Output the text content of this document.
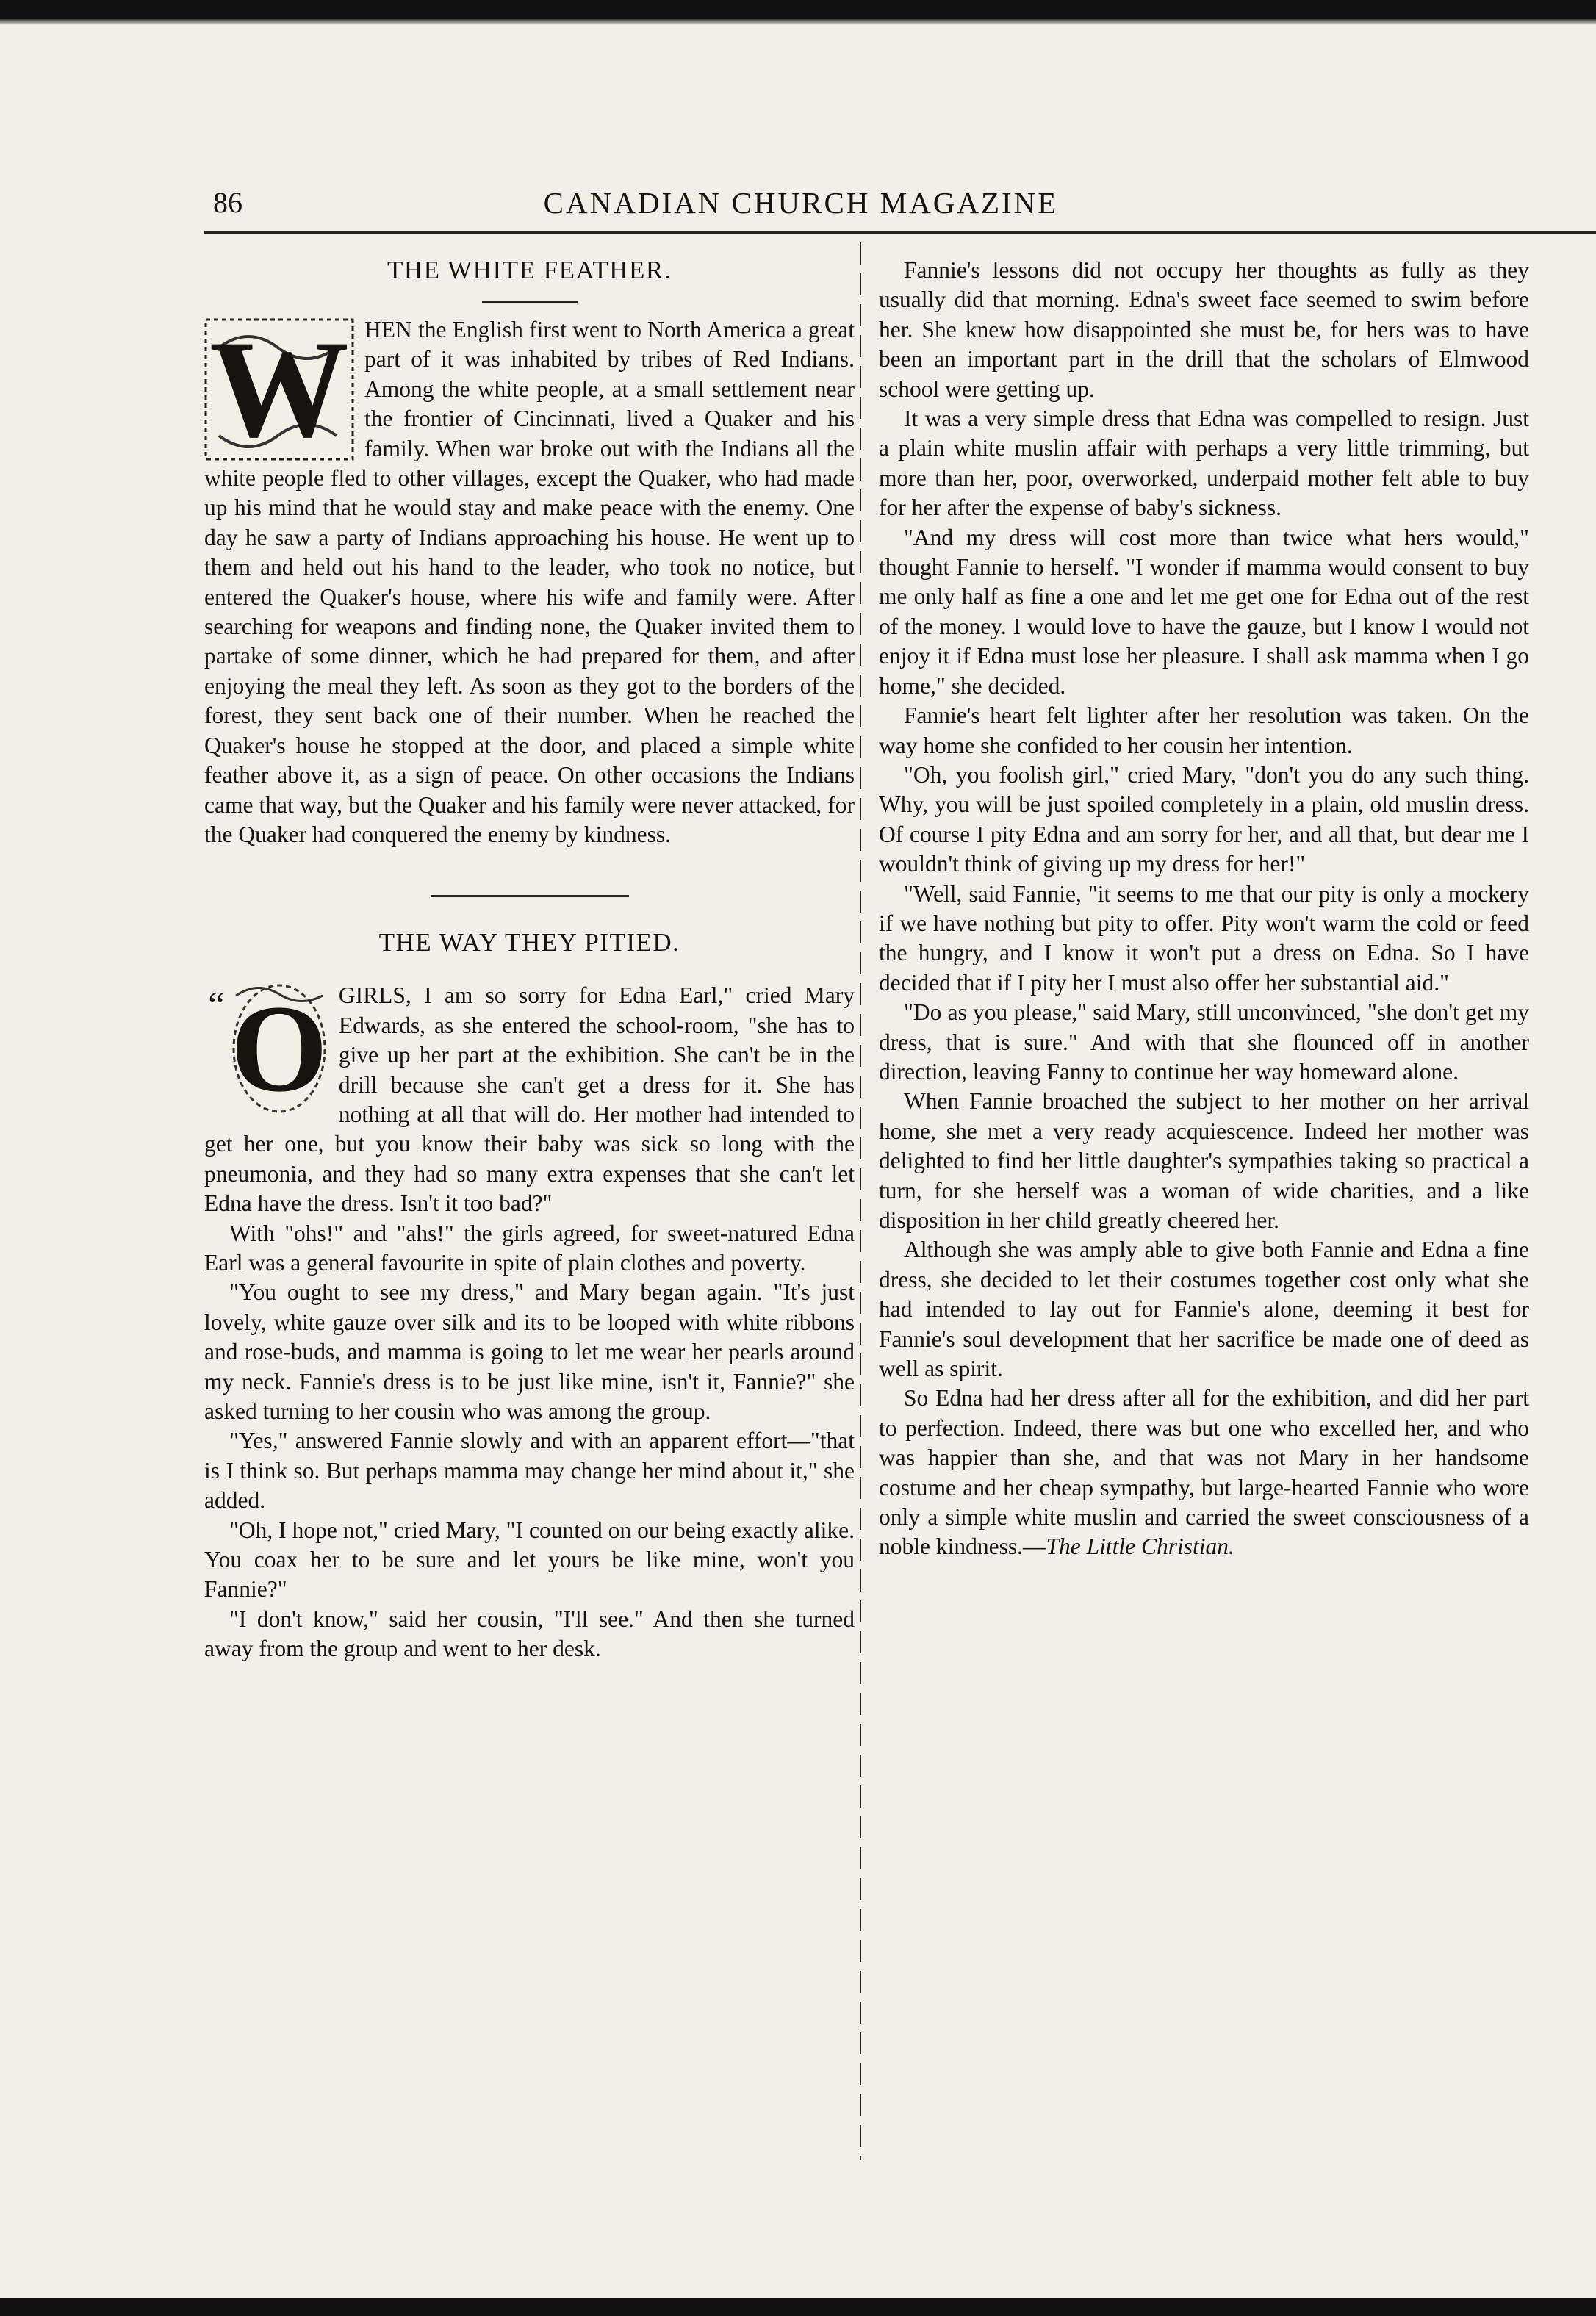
86	CANADIAN CHURCH MAGAZINE
THE WHITE FEATHER.
W HEN the English first went to North America a great part of it was inhabited by tribes of Red Indians. Among the white people, at a small settlement near the frontier of Cincinnati, lived a Quaker and his family. When war broke out with the Indians all the white people fled to other villages, except the Quaker, who had made up his mind that he would stay and make peace with the enemy. One day he saw a party of Indians approaching his house. He went up to them and held out his hand to the leader, who took no notice, but entered the Quaker's house, where his wife and family were. After searching for weapons and finding none, the Quaker invited them to partake of some dinner, which he had prepared for them, and after enjoying the meal they left. As soon as they got to the borders of the forest, they sent back one of their number. When he reached the Quaker's house he stopped at the door, and placed a simple white feather above it, as a sign of peace. On other occasions the Indians came that way, but the Quaker and his family were never attacked, for the Quaker had conquered the enemy by kindness.

THE WAY THEY PITIED.
“ O GIRLS, I am so sorry for Edna Earl," cried Mary Edwards, as she entered the school-room, "she has to give up her part at the exhibition. She can't be in the drill because she can't get a dress for it. She has nothing at all that will do. Her mother had intended to get her one, but you know their baby was sick so long with the pneumonia, and they had so many extra expenses that she can't let Edna have the dress. Isn't it too bad?"

With "ohs!" and "ahs!" the girls agreed, for sweet-natured Edna Earl was a general favourite in spite of plain clothes and poverty.

"You ought to see my dress," and Mary began again. "It's just lovely, white gauze over silk and its to be looped with white ribbons and rose-buds, and mamma is going to let me wear her pearls around my neck. Fannie's dress is to be just like mine, isn't it, Fannie?" she asked turning to her cousin who was among the group.

"Yes," answered Fannie slowly and with an apparent effort—"that is I think so. But perhaps mamma may change her mind about it," she added.

"Oh, I hope not," cried Mary, "I counted on our being exactly alike. You coax her to be sure and let yours be like mine, won't you Fannie?"

"I don't know," said her cousin, "I'll see." And then she turned away from the group and went to her desk.

Fannie's lessons did not occupy her thoughts as fully as they usually did that morning. Edna's sweet face seemed to swim before her. She knew how disappointed she must be, for hers was to have been an important part in the drill that the scholars of Elmwood school were getting up.

It was a very simple dress that Edna was compelled to resign. Just a plain white muslin affair with perhaps a very little trimming, but more than her, poor, overworked, underpaid mother felt able to buy for her after the expense of baby's sickness.

"And my dress will cost more than twice what hers would," thought Fannie to herself. "I wonder if mamma would consent to buy me only half as fine a one and let me get one for Edna out of the rest of the money. I would love to have the gauze, but I know I would not enjoy it if Edna must lose her pleasure. I shall ask mamma when I go home," she decided.

Fannie's heart felt lighter after her resolution was taken. On the way home she confided to her cousin her intention.

"Oh, you foolish girl," cried Mary, "don't you do any such thing. Why, you will be just spoiled completely in a plain, old muslin dress. Of course I pity Edna and am sorry for her, and all that, but dear me I wouldn't think of giving up my dress for her!"

"Well, said Fannie, "it seems to me that our pity is only a mockery if we have nothing but pity to offer. Pity won't warm the cold or feed the hungry, and I know it won't put a dress on Edna. So I have decided that if I pity her I must also offer her substantial aid."

"Do as you please," said Mary, still unconvinced, "she don't get my dress, that is sure." And with that she flounced off in another direction, leaving Fanny to continue her way homeward alone.

When Fannie broached the subject to her mother on her arrival home, she met a very ready acquiescence. Indeed her mother was delighted to find her little daughter's sympathies taking so practical a turn, for she herself was a woman of wide charities, and a like disposition in her child greatly cheered her.

Although she was amply able to give both Fannie and Edna a fine dress, she decided to let their costumes together cost only what she had intended to lay out for Fannie's alone, deeming it best for Fannie's soul development that her sacrifice be made one of deed as well as spirit.

So Edna had her dress after all for the exhibition, and did her part to perfection. Indeed, there was but one who excelled her, and who was happier than she, and that was not Mary in her handsome costume and her cheap sympathy, but large-hearted Fannie who wore only a simple white muslin and carried the sweet consciousness of a noble kindness.—The Little Christian.
